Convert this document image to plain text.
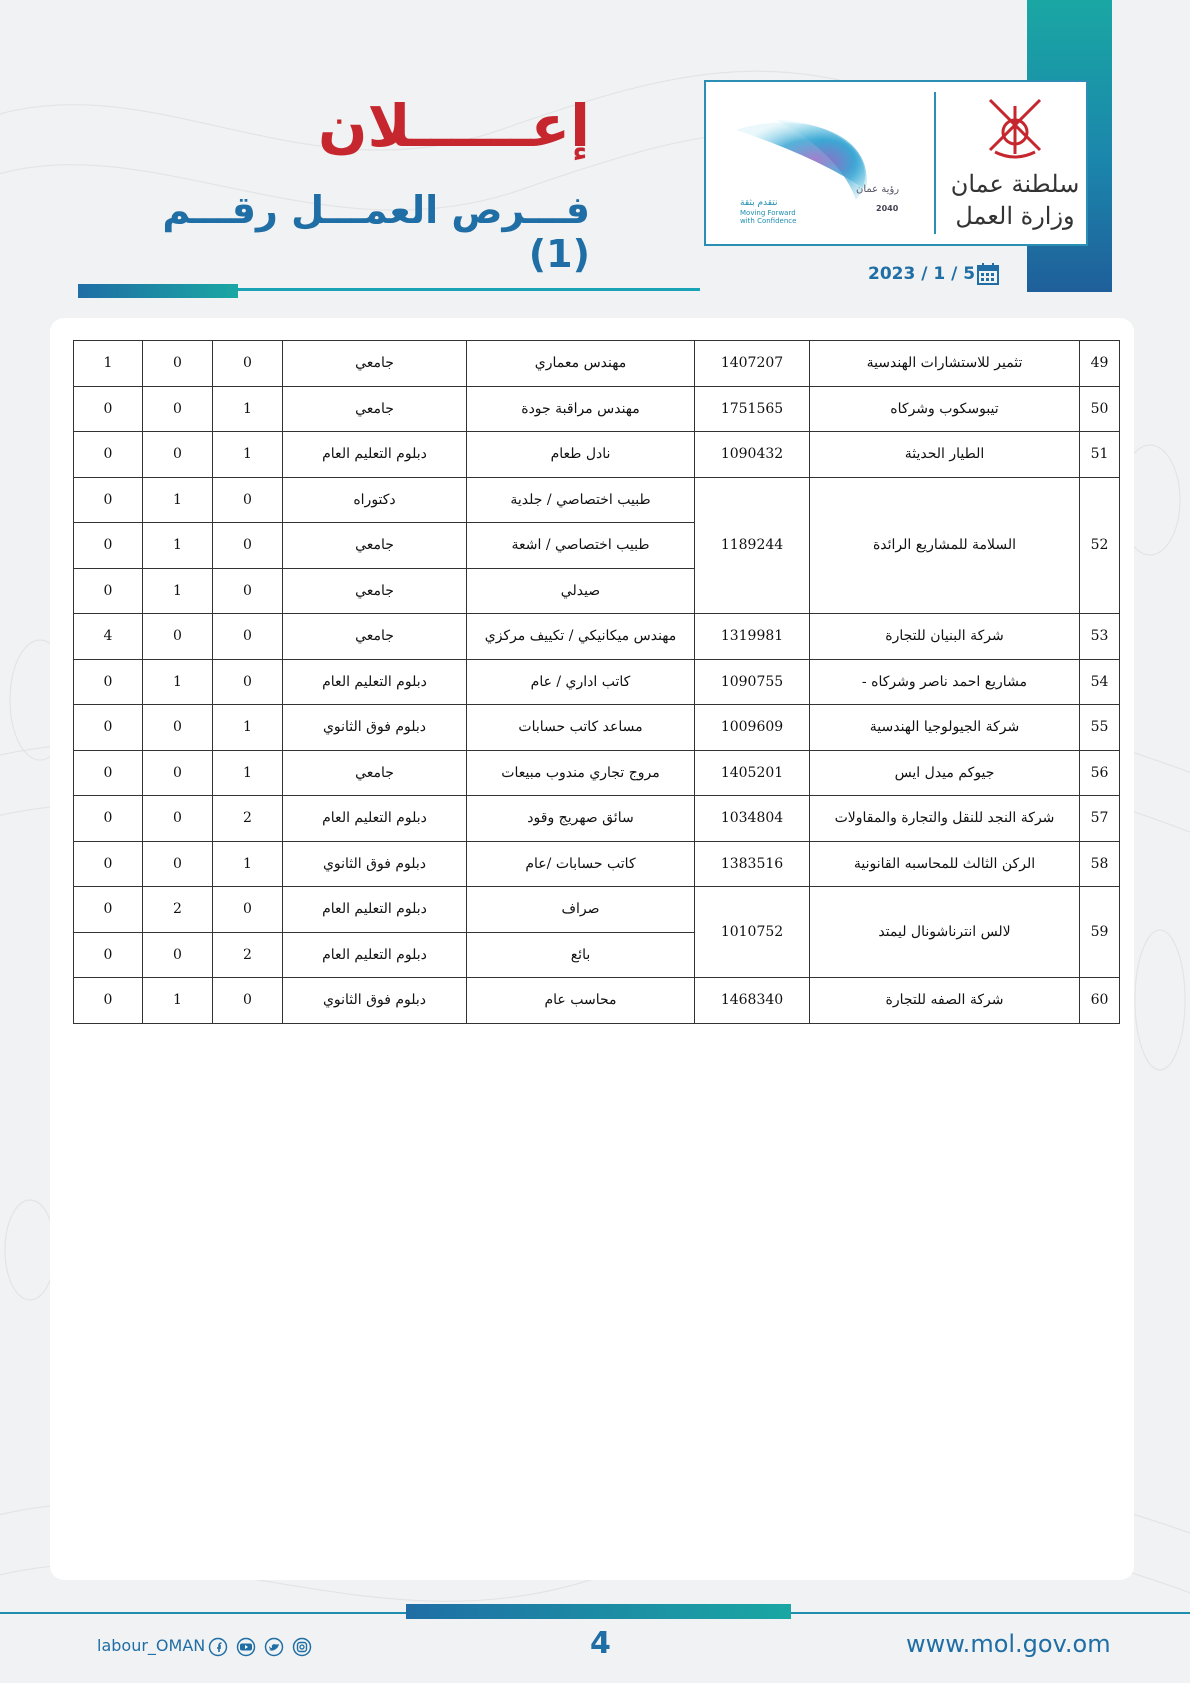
رؤية عمان
2040
نتقدم بثقة
Moving Forward
with Confidence
سلطنة عمان
وزارة العمل
إعــــــلان
فـــرص العمـــل رقـــم (1)	2023 / 1 / 5
49	تثمير للاستشارات الهندسية	1407207	مهندس معماري	جامعي	0	0	1
50	تيبوسكوب وشركاه	1751565	مهندس مراقبة جودة	جامعي	1	0	0
51	الطيار الحديثة	1090432	نادل طعام	دبلوم التعليم العام	1	0	0
52	السلامة للمشاريع الرائدة	1189244	طبيب اختصاصي / جلدية	دكتوراه	0	1	0
			طبيب اختصاصي / اشعة	جامعي	0	1	0
			صيدلي	جامعي	0	1	0
53	شركة البنيان للتجارة	1319981	مهندس ميكانيكي / تكييف مركزي	جامعي	0	0	4
54	مشاريع احمد ناصر وشركاه -	1090755	كاتب اداري / عام	دبلوم التعليم العام	0	1	0
55	شركة الجيولوجيا الهندسية	1009609	مساعد كاتب حسابات	دبلوم فوق الثانوي	1	0	0
56	جيوكم ميدل ايس	1405201	مروج تجاري مندوب مبيعات	جامعي	1	0	0
57	شركة النجد للنقل والتجارة والمقاولات	1034804	سائق صهريج وقود	دبلوم التعليم العام	2	0	0
58	الركن الثالث للمحاسبه القانونية	1383516	كاتب حسابات /عام	دبلوم فوق الثانوي	1	0	0
59	لالس انترناشونال ليمتد	1010752	صراف	دبلوم التعليم العام	0	2	0
			بائع	دبلوم التعليم العام	2	0	0
60	شركة الصفه للتجارة	1468340	محاسب عام	دبلوم فوق الثانوي	0	1	0
labour_OMAN	4	www.mol.gov.om
